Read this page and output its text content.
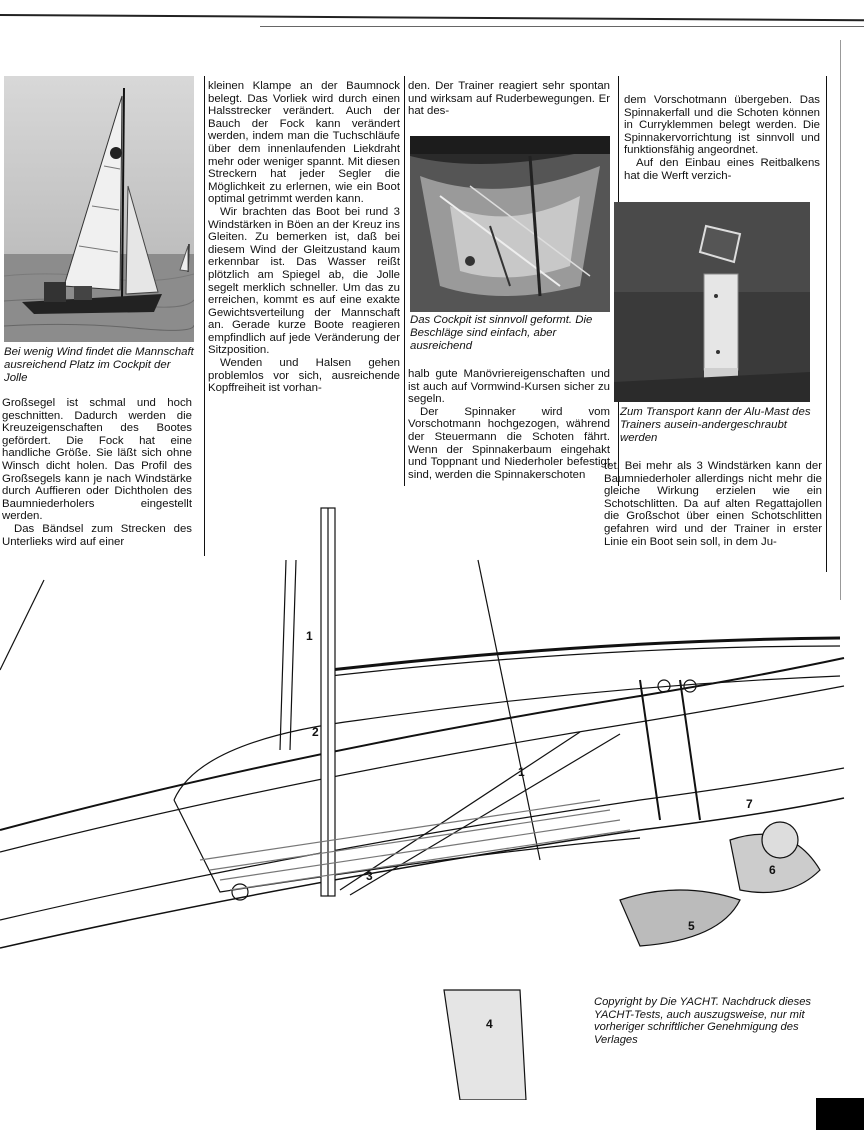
Bei wenig Wind findet die Mannschaft ausreichend Platz im Cockpit der Jolle

Großsegel ist schmal und hoch geschnitten. Dadurch werden die Kreuzeigenschaften des Bootes gefördert. Die Fock hat eine handliche Größe. Sie läßt sich ohne Winsch dicht holen. Das Profil des Großsegels kann je nach Windstärke durch Auffieren oder Dichtholen des Baumniederholers eingestellt werden.

Das Bändsel zum Strecken des Unterlieks wird auf einer

kleinen Klampe an der Baumnock belegt. Das Vorliek wird durch einen Halsstrecker verändert. Auch der Bauch der Fock kann verändert werden, indem man die Tuchschläufe über dem innenlaufenden Liekdraht mehr oder weniger spannt. Mit diesen Streckern hat jeder Segler die Möglichkeit zu erlernen, wie ein Boot optimal getrimmt werden kann.

Wir brachten das Boot bei rund 3 Windstärken in Böen an der Kreuz ins Gleiten. Zu bemerken ist, daß bei diesem Wind der Gleitzustand kaum erkennbar ist. Das Wasser reißt plötzlich am Spiegel ab, die Jolle segelt merklich schneller. Um das zu erreichen, kommt es auf eine exakte Gewichtsverteilung der Mannschaft an. Gerade kurze Boote reagieren empfindlich auf jede Veränderung der Sitzposition.

Wenden und Halsen gehen problemlos vor sich, ausreichende Kopffreiheit ist vorhan-

den. Der Trainer reagiert sehr spontan und wirksam auf Ruderbewegungen. Er hat des-

Das Cockpit ist sinnvoll geformt. Die Beschläge sind einfach, aber ausreichend

halb gute Manövriereigenschaften und ist auch auf Vormwind-Kursen sicher zu segeln.

Der Spinnaker wird vom Vorschotmann hochgezogen, während der Steuermann die Schoten fährt. Wenn der Spinnakerbaum eingehakt und Toppnant und Niederholer befestigt sind, werden die Spinnakerschoten

dem Vorschotmann übergeben. Das Spinnakerfall und die Schoten können in Curryklemmen belegt werden. Die Spinnakervorrichtung ist sinnvoll und funktionsfähig angeordnet.

Auf den Einbau eines Reitbalkens hat die Werft verzich-

Zum Transport kann der Alu-Mast des Trainers ausein-andergeschraubt werden

tet. Bei mehr als 3 Windstärken kann der Baumniederholer allerdings nicht mehr die gleiche Wirkung erzielen wie ein Schotschlitten. Da auf alten Regattajollen die Großschot über einen Schotschlitten gefahren wird und der Trainer in erster Linie ein Boot sein soll, in dem Ju-

1
2
1
3
7
6
5
4

Copyright by Die YACHT. Nachdruck dieses YACHT-Tests, auch auszugsweise, nur mit vorheriger schriftlicher Genehmigung des Verlages
